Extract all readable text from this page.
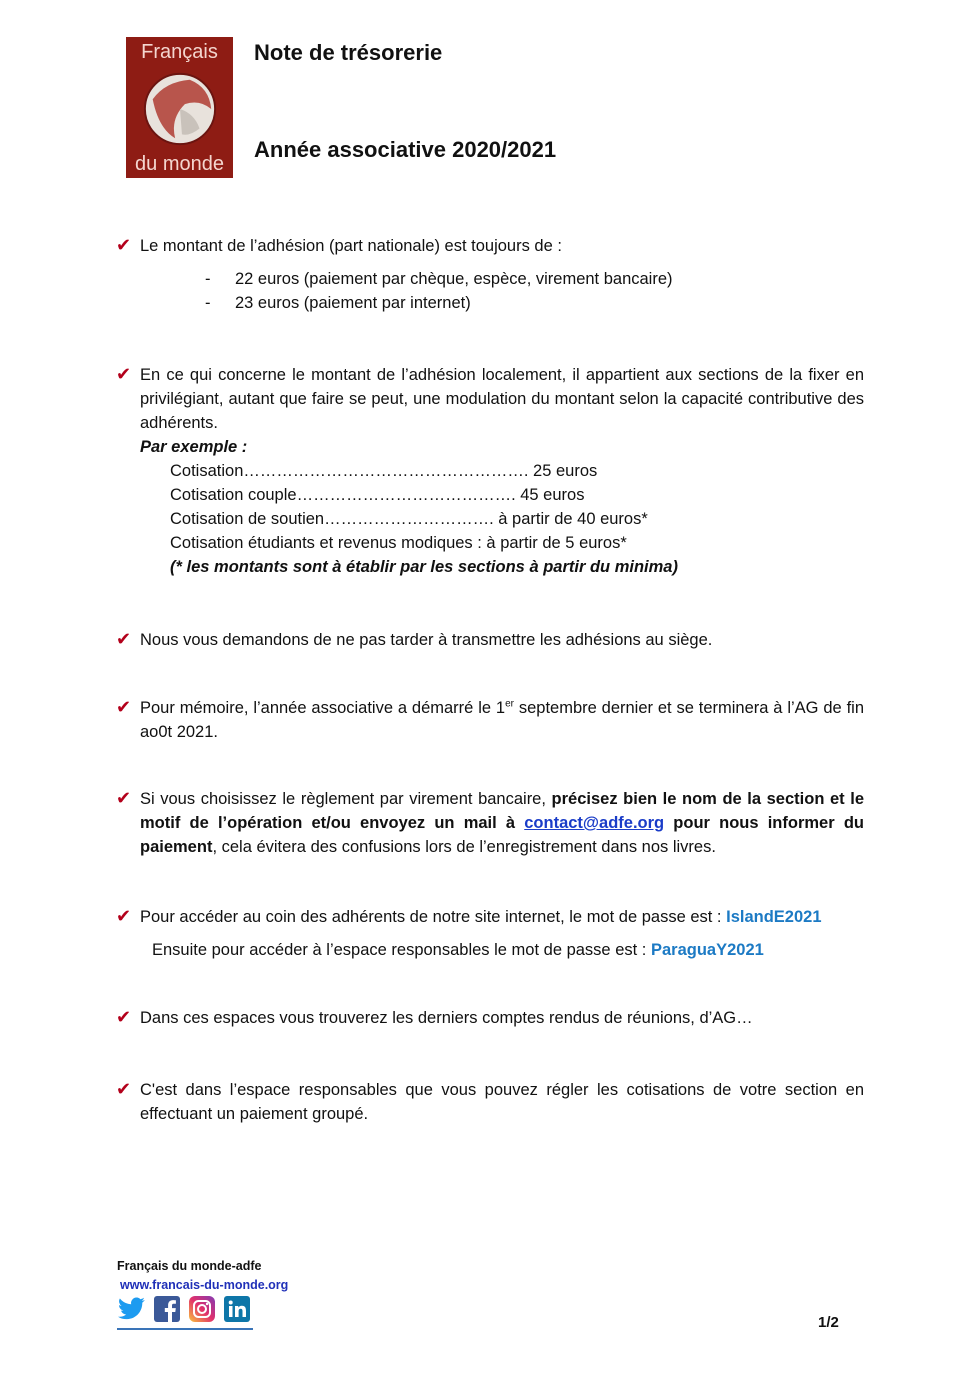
Français
du monde
Note de trésorerie
Année associative 2020/2021
✔ Le montant de l’adhésion (part nationale) est toujours de :
- 22 euros (paiement par chèque, espèce, virement bancaire)
- 23 euros (paiement par internet)
✔ En ce qui concerne le montant de l’adhésion localement, il appartient aux sections de la fixer en privilégiant, autant que faire se peut, une modulation du montant selon la capacité contributive des adhérents.
Par exemple :
Cotisation……………………………………………. 25 euros
Cotisation couple…………………………………. 45 euros
Cotisation de soutien…………………………. à partir de 40 euros*
Cotisation étudiants et revenus modiques : à partir de 5 euros*
(* les montants sont à établir par les sections à partir du minima)
✔ Nous vous demandons de ne pas tarder à transmettre les adhésions au siège.
✔ Pour mémoire, l’année associative a démarré le 1er septembre dernier et se terminera à l’AG de fin ao0t 2021.
✔ Si vous choisissez le règlement par virement bancaire, précisez bien le nom de la section et le motif de l’opération et/ou envoyez un mail à contact@adfe.org pour nous informer du paiement, cela évitera des confusions lors de l’enregistrement dans nos livres.
✔ Pour accéder au coin des adhérents de notre site internet, le mot de passe est : IslandE2021
Ensuite pour accéder à l’espace responsables le mot de passe est : ParaguaY2021
✔ Dans ces espaces vous trouverez les derniers comptes rendus de réunions, d’AG…
✔ C'est dans l’espace responsables que vous pouvez régler les cotisations de votre section en effectuant un paiement groupé.
Français du monde-adfe
www.francais-du-monde.org
1/2
